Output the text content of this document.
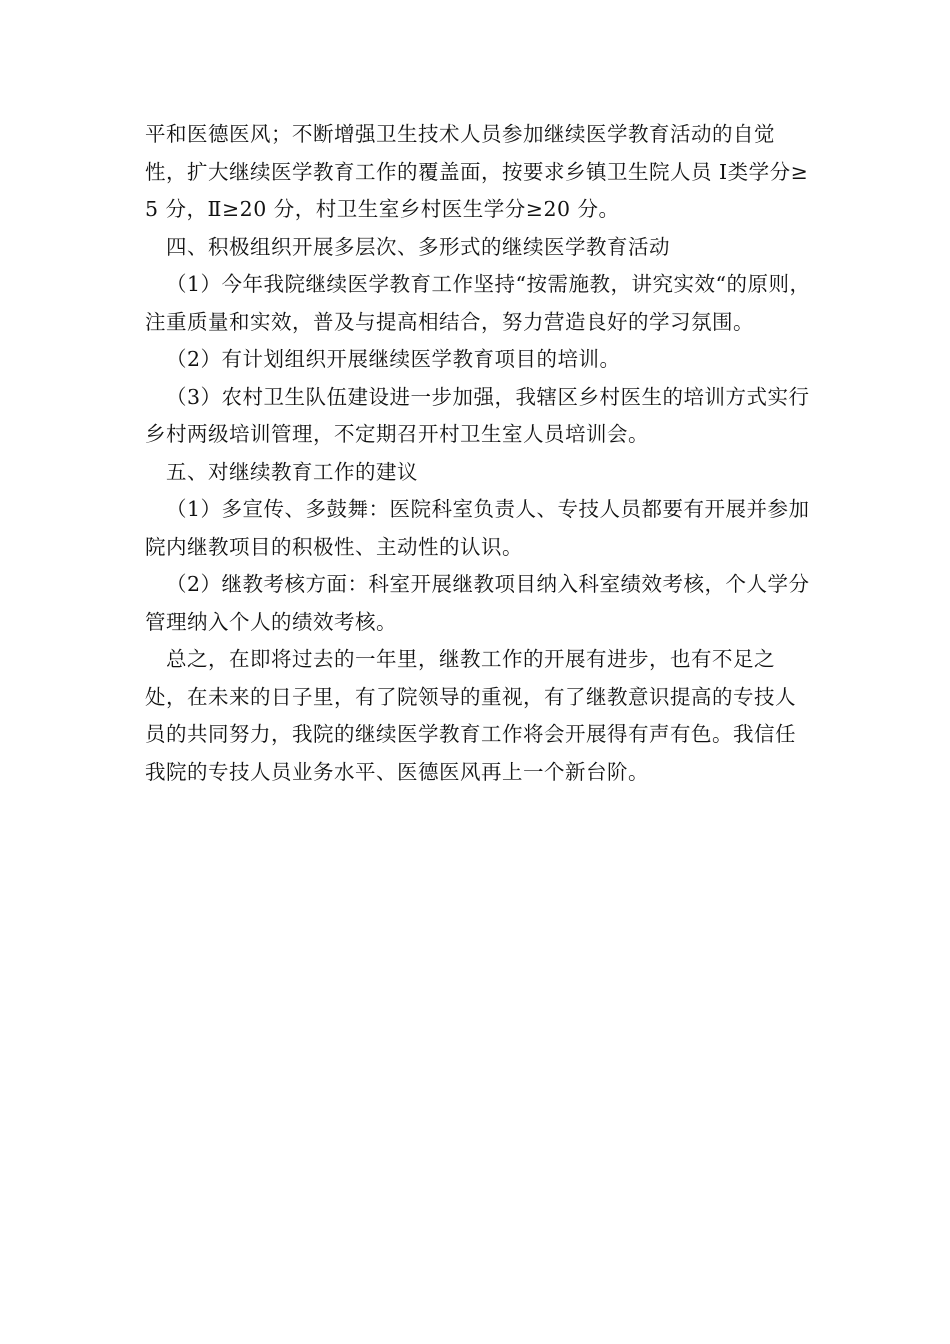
平和医德医风；不断增强卫生技术人员参加继续医学教育活动的自觉性，扩大继续医学教育工作的覆盖面，按要求乡镇卫生院人员 Ⅰ类学分≥5 分，Ⅱ≥20 分，村卫生室乡村医生学分≥20 分。

四、积极组织开展多层次、多形式的继续医学教育活动

（1）今年我院继续医学教育工作坚持“按需施教，讲究实效“的原则，注重质量和实效，普及与提高相结合，努力营造良好的学习氛围。

（2）有计划组织开展继续医学教育项目的培训。

（3）农村卫生队伍建设进一步加强，我辖区乡村医生的培训方式实行乡村两级培训管理，不定期召开村卫生室人员培训会。

五、对继续教育工作的建议

（1）多宣传、多鼓舞：医院科室负责人、专技人员都要有开展并参加院内继教项目的积极性、主动性的认识。

（2）继教考核方面：科室开展继教项目纳入科室绩效考核，个人学分管理纳入个人的绩效考核。

总之，在即将过去的一年里，继教工作的开展有进步，也有不足之处，在未来的日子里，有了院领导的重视，有了继教意识提高的专技人员的共同努力，我院的继续医学教育工作将会开展得有声有色。我信任我院的专技人员业务水平、医德医风再上一个新台阶。
